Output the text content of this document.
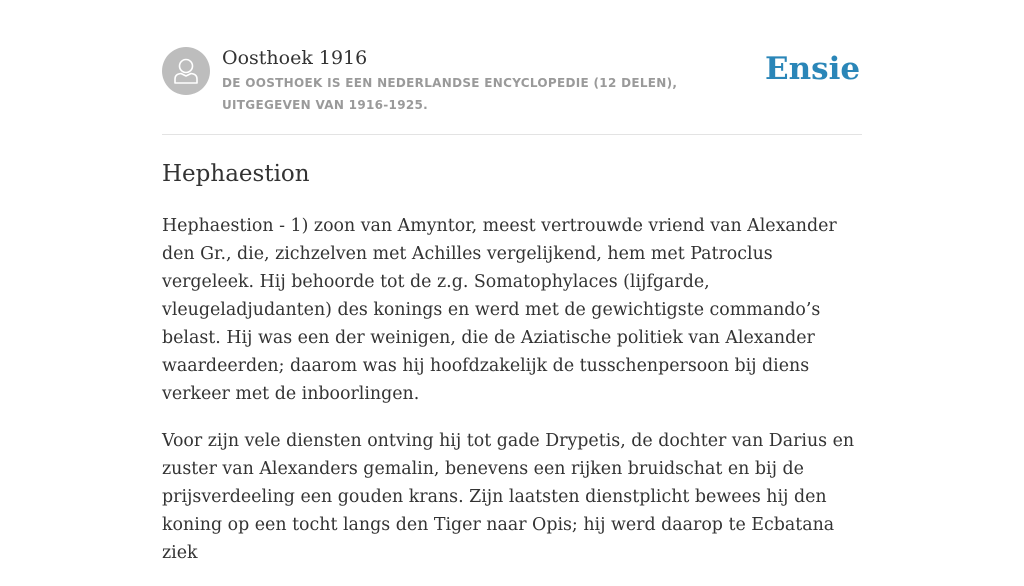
Oosthoek 1916
DE OOSTHOEK IS EEN NEDERLANDSE ENCYCLOPEDIE (12 DELEN), UITGEGEVEN VAN 1916-1925.
Ensie
Hephaestion

Hephaestion - 1) zoon van Amyntor, meest vertrouwde vriend van Alexander den Gr., die, zichzelven met Achilles vergelijkend, hem met Patroclus vergeleek. Hij behoorde tot de z.g. Somatophylaces (lijfgarde, vleugeladjudanten) des konings en werd met de gewichtigste commando’s belast. Hij was een der weinigen, die de Aziatische politiek van Alexander waardeerden; daarom was hij hoofdzakelijk de tusschenpersoon bij diens verkeer met de inboorlingen.

Voor zijn vele diensten ontving hij tot gade Drypetis, de dochter van Darius en zuster van Alexanders gemalin, benevens een rijken bruidschat en bij de prijsverdeeling een gouden krans. Zijn laatsten dienstplicht bewees hij den koning op een tocht langs den Tiger naar Opis; hij werd daarop te Ecbatana ziek
